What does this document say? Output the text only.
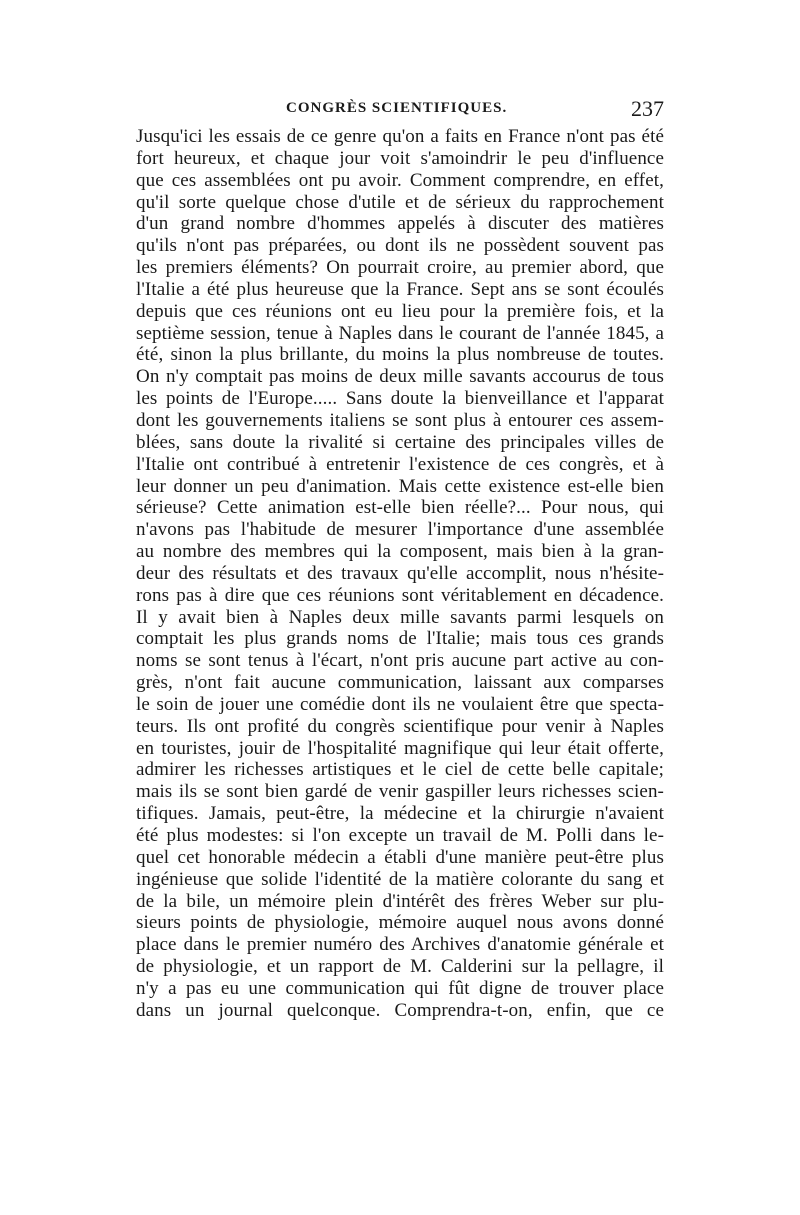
CONGRÈS SCIENTIFIQUES.	237

Jusqu'ici les essais de ce genre qu'on a faits en France n'ont pas été

fort heureux, et chaque jour voit s'amoindrir le peu d'influence

que ces assemblées ont pu avoir. Comment comprendre, en effet,

qu'il sorte quelque chose d'utile et de sérieux du rapprochement

d'un grand nombre d'hommes appelés à discuter des matières

qu'ils n'ont pas préparées, ou dont ils ne possèdent souvent pas

les premiers éléments? On pourrait croire, au premier abord, que

l'Italie a été plus heureuse que la France. Sept ans se sont écoulés

depuis que ces réunions ont eu lieu pour la première fois, et la

septième session, tenue à Naples dans le courant de l'année 1845, a

été, sinon la plus brillante, du moins la plus nombreuse de toutes.

On n'y comptait pas moins de deux mille savants accourus de tous

les points de l'Europe..... Sans doute la bienveillance et l'apparat

dont les gouvernements italiens se sont plus à entourer ces assem-

blées, sans doute la rivalité si certaine des principales villes de

l'Italie ont contribué à entretenir l'existence de ces congrès, et à

leur donner un peu d'animation. Mais cette existence est-elle bien

sérieuse? Cette animation est-elle bien réelle?... Pour nous, qui

n'avons pas l'habitude de mesurer l'importance d'une assemblée

au nombre des membres qui la composent, mais bien à la gran-

deur des résultats et des travaux qu'elle accomplit, nous n'hésite-

rons pas à dire que ces réunions sont véritablement en décadence.

Il y avait bien à Naples deux mille savants parmi lesquels on

comptait les plus grands noms de l'Italie; mais tous ces grands

noms se sont tenus à l'écart, n'ont pris aucune part active au con-

grès, n'ont fait aucune communication, laissant aux comparses

le soin de jouer une comédie dont ils ne voulaient être que specta-

teurs. Ils ont profité du congrès scientifique pour venir à Naples

en touristes, jouir de l'hospitalité magnifique qui leur était offerte,

admirer les richesses artistiques et le ciel de cette belle capitale;

mais ils se sont bien gardé de venir gaspiller leurs richesses scien-

tifiques. Jamais, peut-être, la médecine et la chirurgie n'avaient

été plus modestes: si l'on excepte un travail de M. Polli dans le-

quel cet honorable médecin a établi d'une manière peut-être plus

ingénieuse que solide l'identité de la matière colorante du sang et

de la bile, un mémoire plein d'intérêt des frères Weber sur plu-

sieurs points de physiologie, mémoire auquel nous avons donné

place dans le premier numéro des Archives d'anatomie générale et

de physiologie, et un rapport de M. Calderini sur la pellagre, il

n'y a pas eu une communication qui fût digne de trouver place

dans un journal quelconque. Comprendra-t-on, enfin, que ce
